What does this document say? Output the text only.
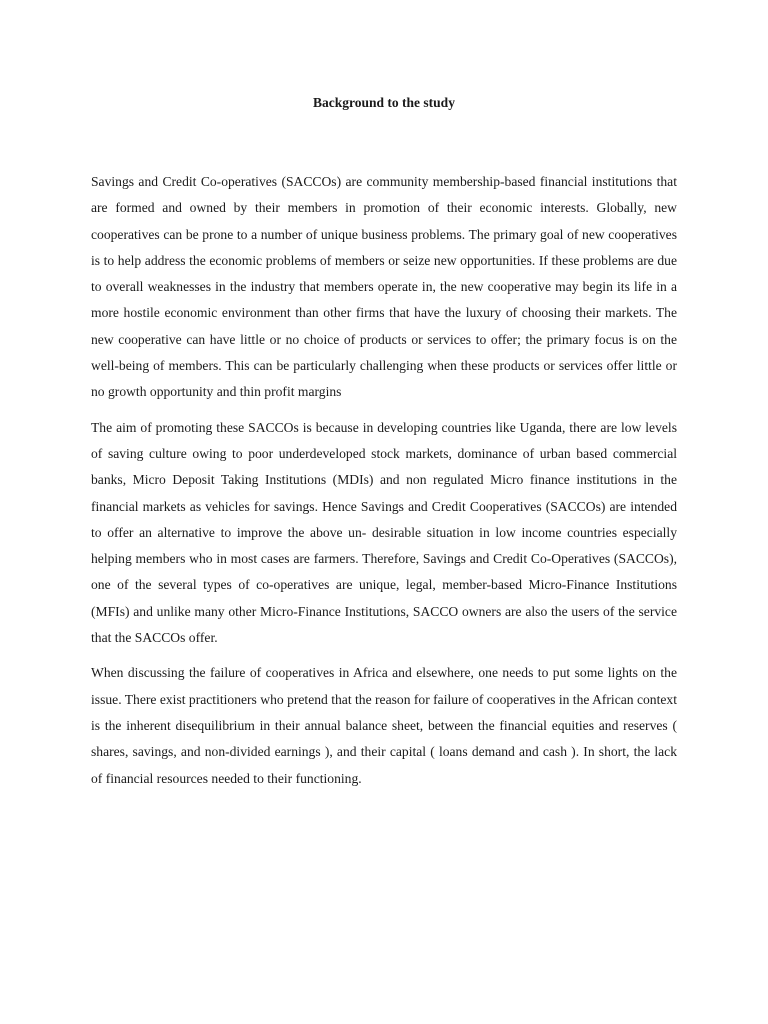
Background to the study

Savings and Credit Co-operatives (SACCOs) are community membership-based financial institutions that are formed and owned by their members in promotion of their economic interests. Globally, new cooperatives can be prone to a number of unique business problems. The primary goal of new cooperatives is to help address the economic problems of members or seize new opportunities. If these problems are due to overall weaknesses in the industry that members operate in, the new cooperative may begin its life in a more hostile economic environment than other firms that have the luxury of choosing their markets. The new cooperative can have little or no choice of products or services to offer; the primary focus is on the well-being of members. This can be particularly challenging when these products or services offer little or no growth opportunity and thin profit margins

The aim of promoting these SACCOs is because in developing countries like Uganda, there are low levels of saving culture owing to poor underdeveloped stock markets, dominance of urban based commercial banks, Micro Deposit Taking Institutions (MDIs) and non regulated Micro finance institutions in the financial markets as vehicles for savings. Hence Savings and Credit Cooperatives (SACCOs) are intended to offer an alternative to improve the above un- desirable situation in low income countries especially helping members who in most cases are farmers. Therefore, Savings and Credit Co-Operatives (SACCOs), one of the several types of co-operatives are unique, legal, member-based Micro-Finance Institutions (MFIs) and unlike many other Micro-Finance Institutions, SACCO owners are also the users of the service that the SACCOs offer.

When discussing the failure of cooperatives in Africa and elsewhere, one needs to put some lights on the issue. There exist practitioners who pretend that the reason for failure of cooperatives in the African context is the inherent disequilibrium in their annual balance sheet, between the financial equities and reserves ( shares, savings, and non-divided earnings ), and their capital ( loans demand and cash ). In short, the lack of financial resources needed to their functioning.
